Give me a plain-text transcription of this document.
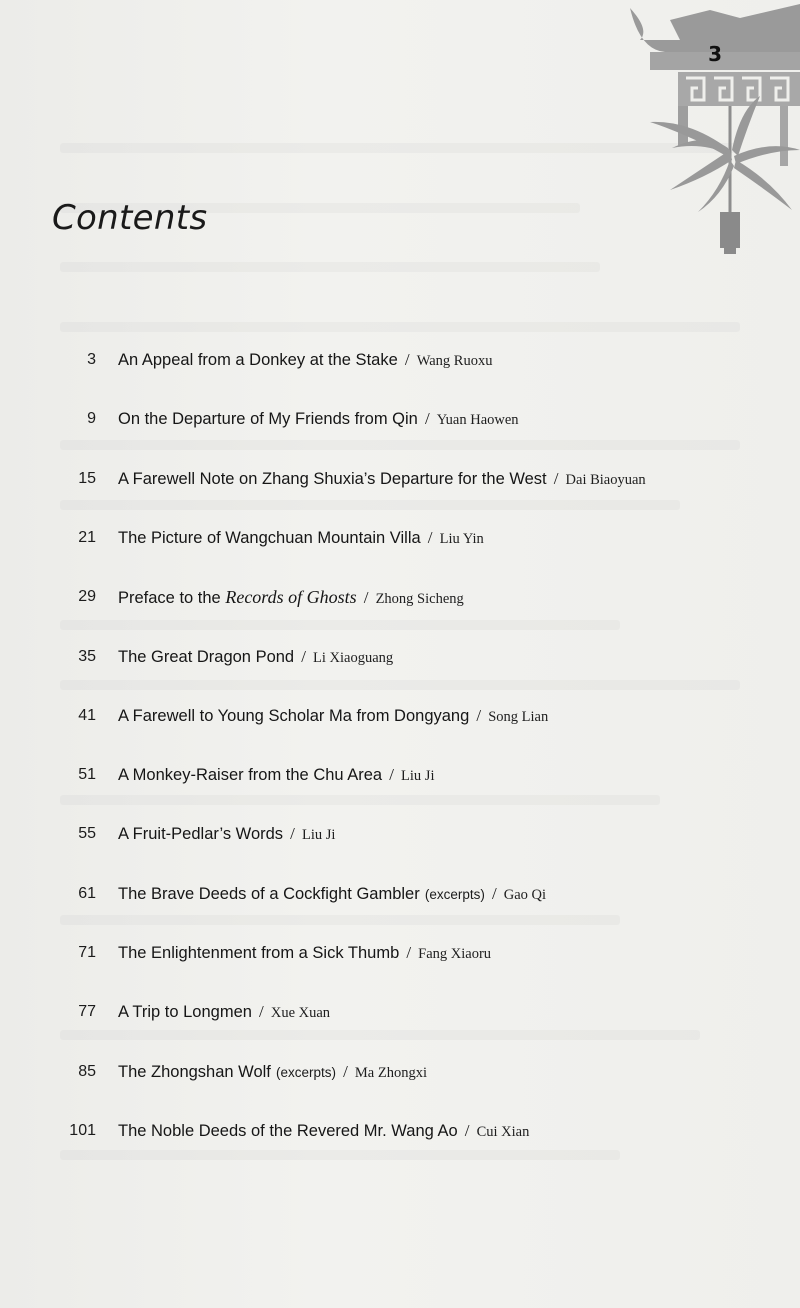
3
Contents
3 An Appeal from a Donkey at the Stake / Wang Ruoxu
9 On the Departure of My Friends from Qin / Yuan Haowen
15 A Farewell Note on Zhang Shuxia’s Departure for the West / Dai Biaoyuan
21 The Picture of Wangchuan Mountain Villa / Liu Yin
29 Preface to the Records of Ghosts / Zhong Sicheng
35 The Great Dragon Pond / Li Xiaoguang
41 A Farewell to Young Scholar Ma from Dongyang / Song Lian
51 A Monkey-Raiser from the Chu Area / Liu Ji
55 A Fruit-Pedlar’s Words / Liu Ji
61 The Brave Deeds of a Cockfight Gambler (excerpts) / Gao Qi
71 The Enlightenment from a Sick Thumb / Fang Xiaoru
77 A Trip to Longmen / Xue Xuan
85 The Zhongshan Wolf (excerpts) / Ma Zhongxi
101 The Noble Deeds of the Revered Mr. Wang Ao / Cui Xian
